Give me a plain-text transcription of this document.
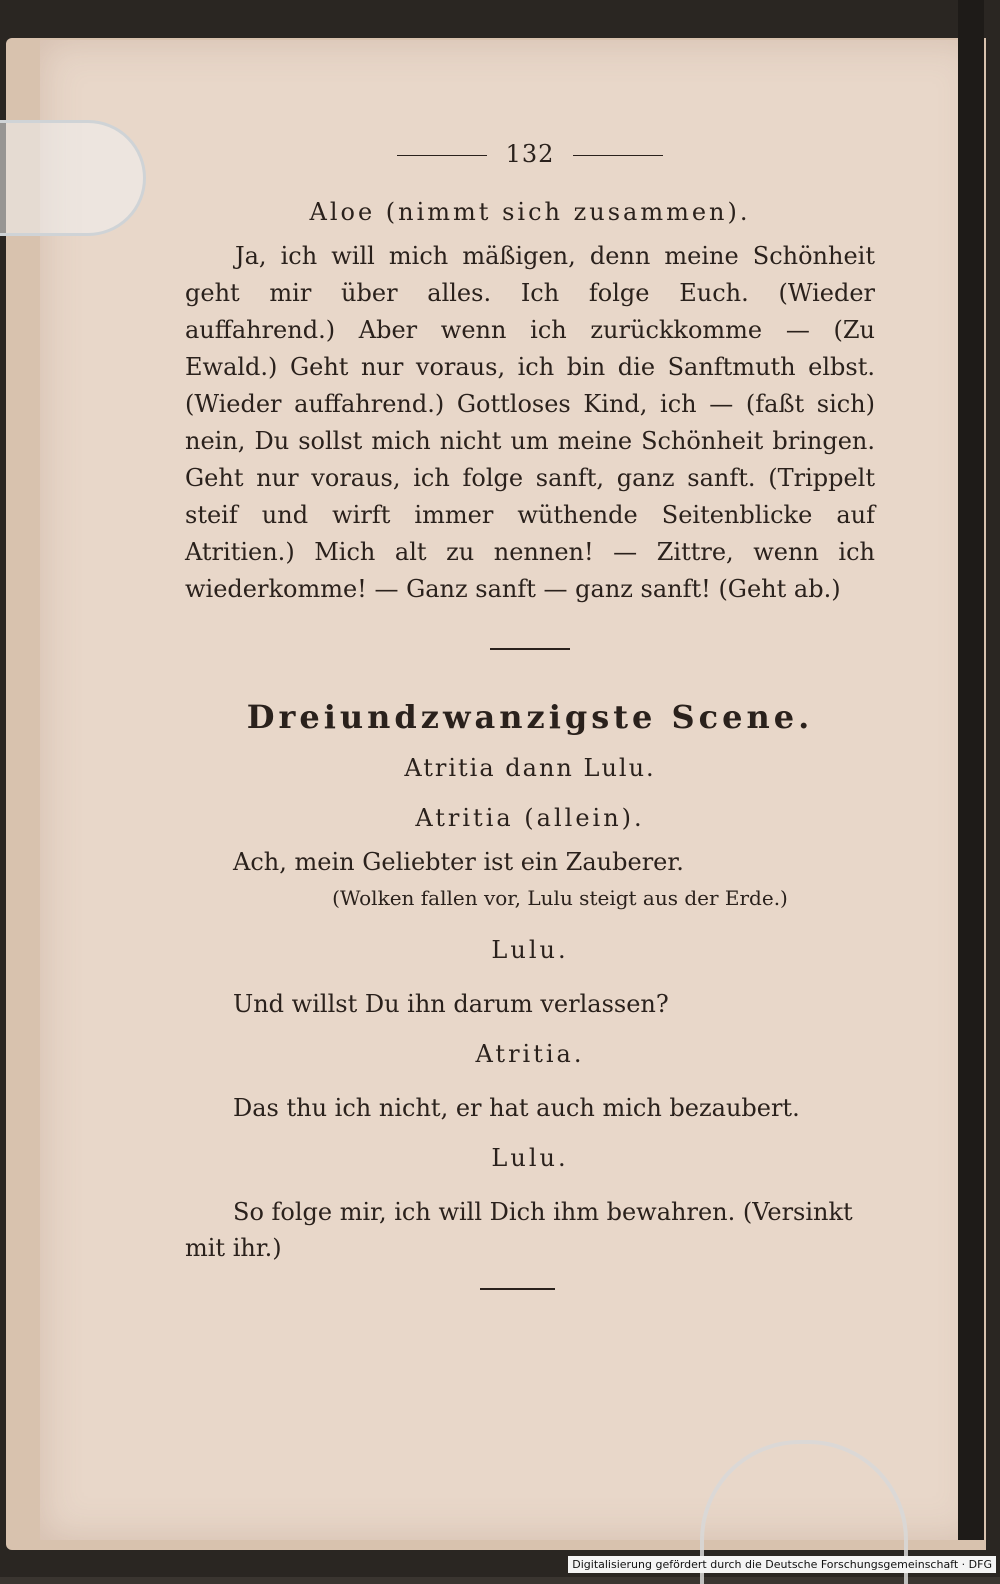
132
Aloe (nimmt sich zusammen).
Ja, ich will mich mäßigen, denn meine Schönheit geht mir über alles. Ich folge Euch. (Wieder auffahrend.) Aber wenn ich zurückkomme — (Zu Ewald.) Geht nur voraus, ich bin die Sanftmuth elbst. (Wieder auffahrend.) Gottloses Kind, ich — (faßt sich) nein, Du sollst mich nicht um meine Schönheit bringen. Geht nur voraus, ich folge sanft, ganz sanft. (Trippelt steif und wirft immer wüthende Seitenblicke auf Atritien.) Mich alt zu nennen! — Zittre, wenn ich wiederkomme! — Ganz sanft — ganz sanft! (Geht ab.)
Dreiundzwanzigste Scene.
Atritia dann Lulu.
Atritia (allein).
Ach, mein Geliebter ist ein Zauberer.
(Wolken fallen vor, Lulu steigt aus der Erde.)
Lulu.
Und willst Du ihn darum verlassen?
Atritia.
Das thu ich nicht, er hat auch mich bezaubert.
Lulu.
So folge mir, ich will Dich ihm bewahren. (Versinkt mit ihr.)
Digitalisierung gefördert durch die Deutsche Forschungsgemeinschaft · DFG
